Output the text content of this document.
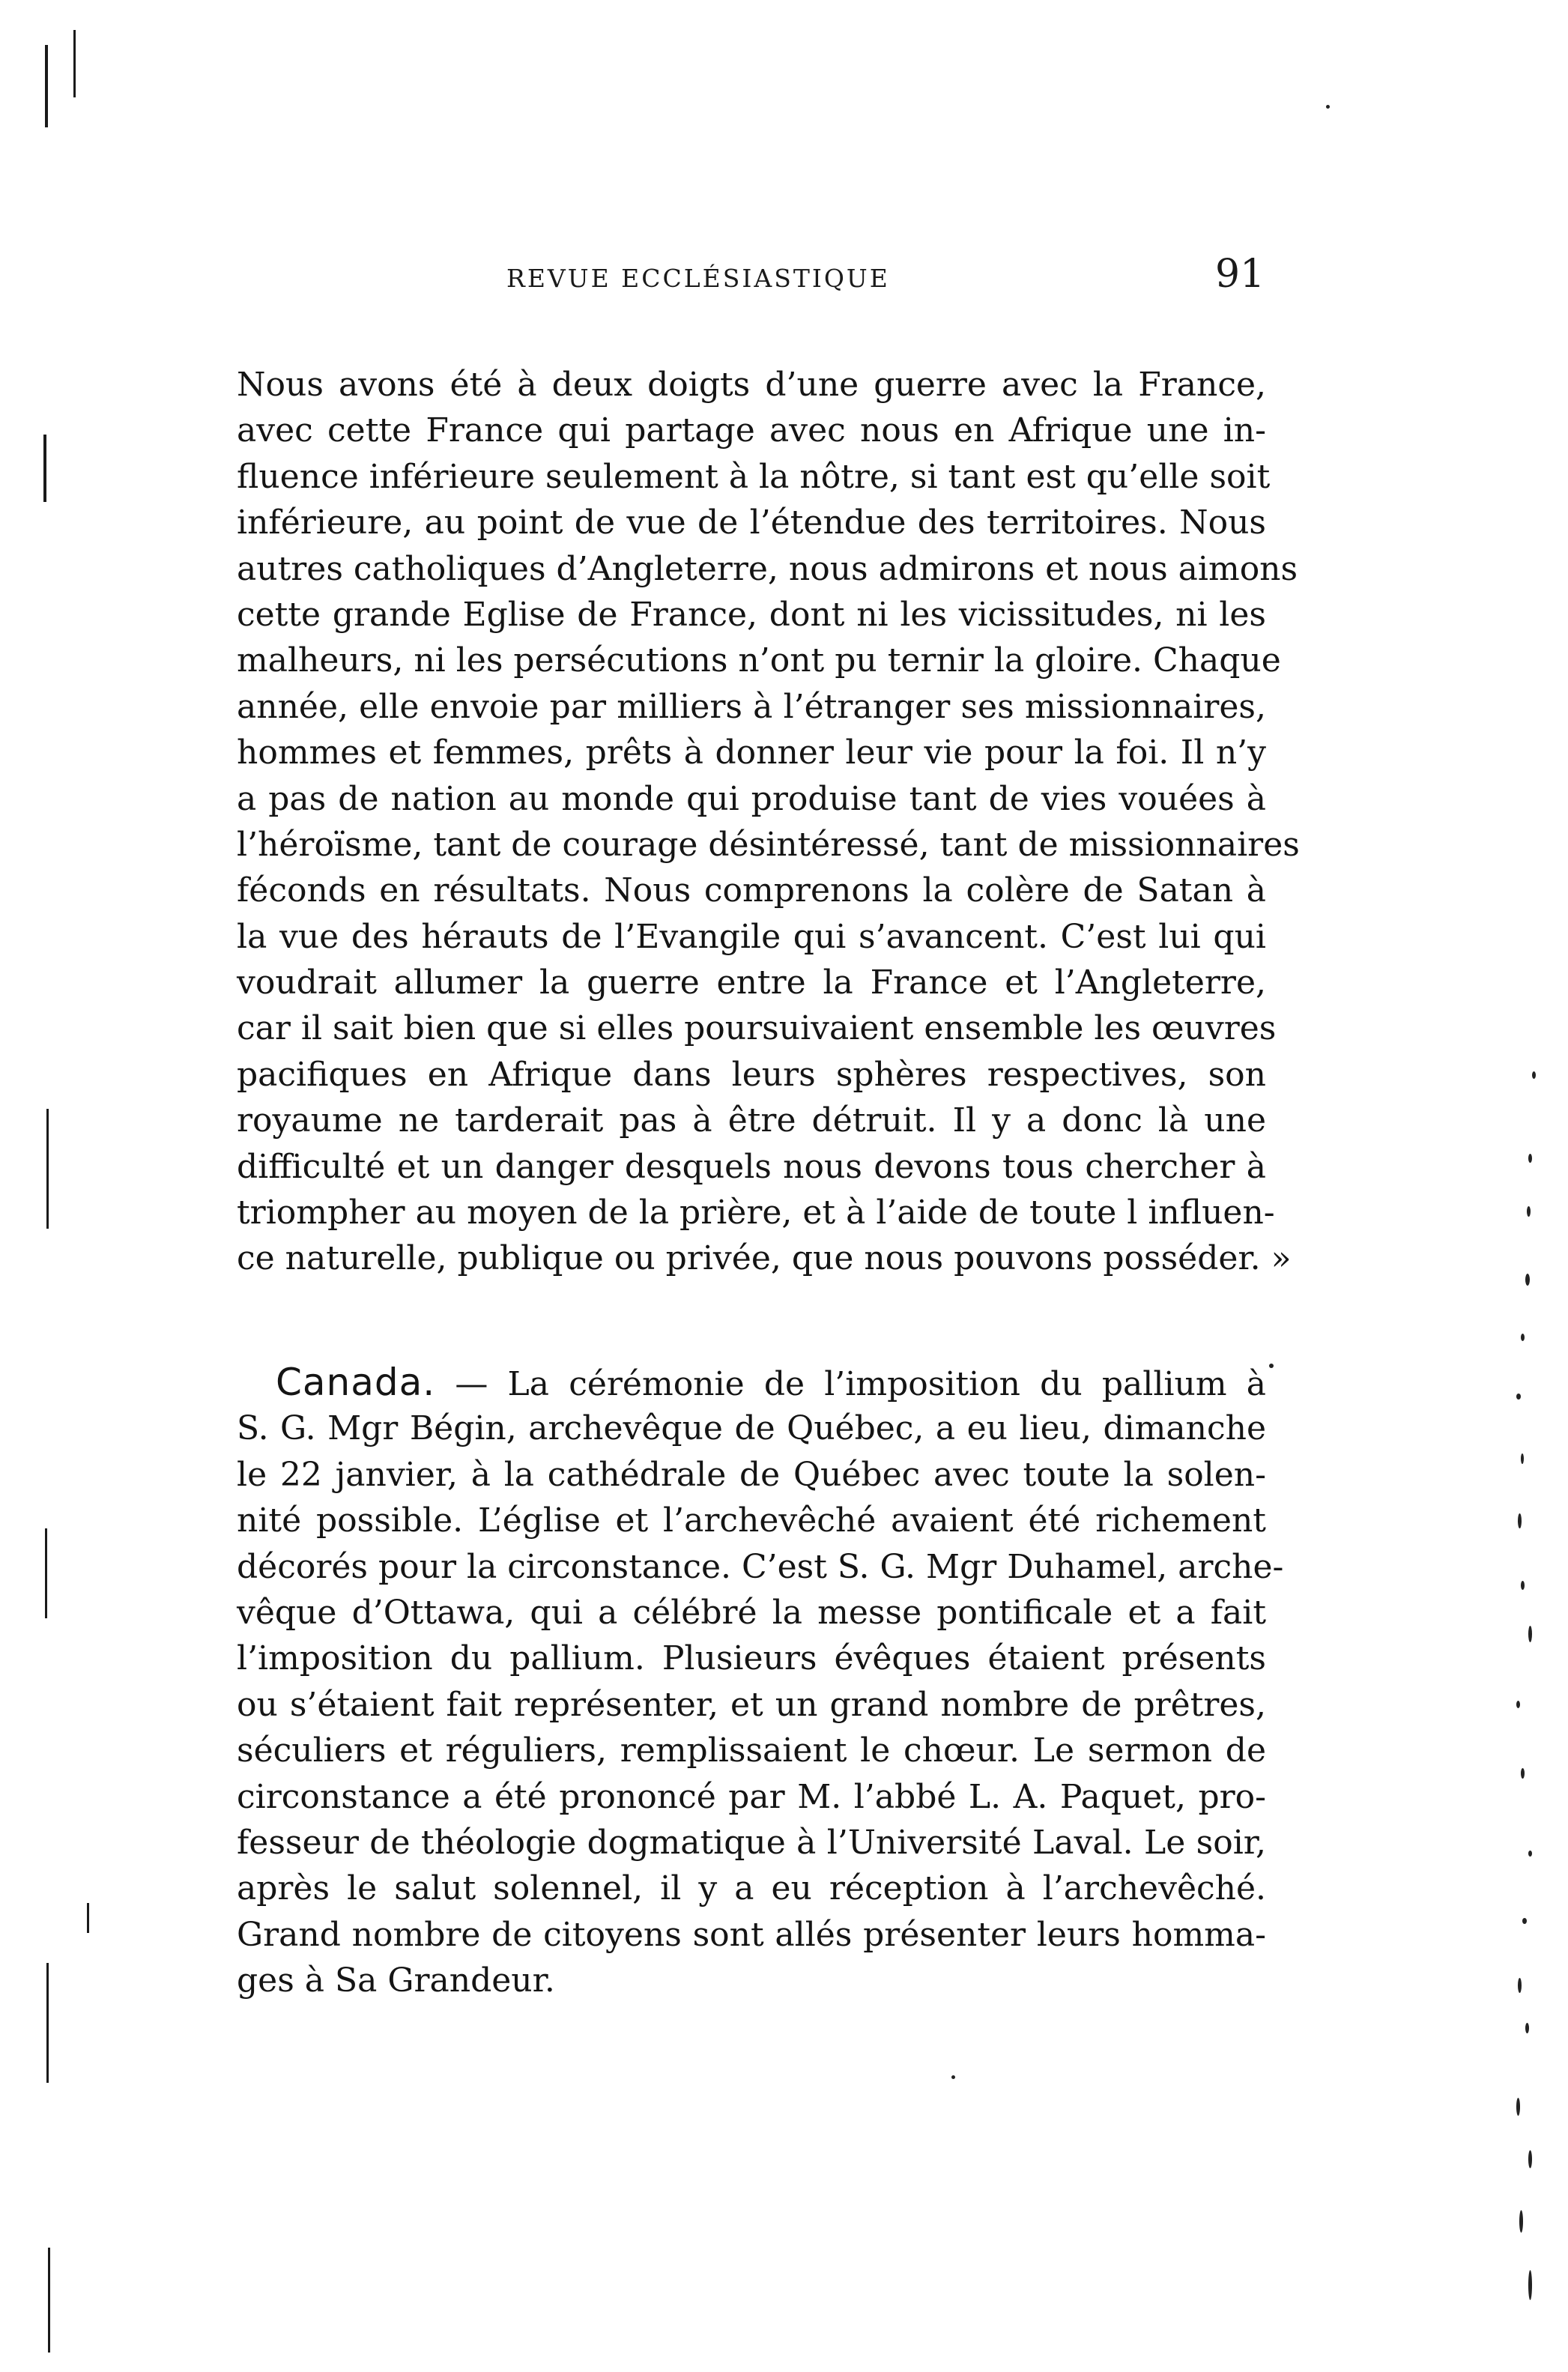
REVUE ECCLÉSIASTIQUE	91
Nous avons été à deux doigts d’une guerre avec la France,
avec cette France qui partage avec nous en Afrique une in-
fluence inférieure seulement à la nôtre, si tant est qu’elle soit
inférieure, au point de vue de l’étendue des territoires. Nous
autres catholiques d’Angleterre, nous admirons et nous aimons
cette grande Eglise de France, dont ni les vicissitudes, ni les
malheurs, ni les persécutions n’ont pu ternir la gloire. Chaque
année, elle envoie par milliers à l’étranger ses missionnaires,
hommes et femmes, prêts à donner leur vie pour la foi. Il n’y
a pas de nation au monde qui produise tant de vies vouées à
l’héroïsme, tant de courage désintéressé, tant de missionnaires
féconds en résultats. Nous comprenons la colère de Satan à
la vue des hérauts de l’Evangile qui s’avancent. C’est lui qui
voudrait allumer la guerre entre la France et l’Angleterre,
car il sait bien que si elles poursuivaient ensemble les œuvres
pacifiques en Afrique dans leurs sphères respectives, son
royaume ne tarderait pas à être détruit. Il y a donc là une
difficulté et un danger desquels nous devons tous chercher à
triompher au moyen de la prière, et à l’aide de toute l influen-
ce naturelle, publique ou privée, que nous pouvons posséder. »
Canada. — La cérémonie de l’imposition du pallium à
S. G. Mgr Bégin, archevêque de Québec, a eu lieu, dimanche
le 22 janvier, à la cathédrale de Québec avec toute la solen-
nité possible. L’église et l’archevêché avaient été richement
décorés pour la circonstance. C’est S. G. Mgr Duhamel, arche-
vêque d’Ottawa, qui a célébré la messe pontificale et a fait
l’imposition du pallium. Plusieurs évêques étaient présents
ou s’étaient fait représenter, et un grand nombre de prêtres,
séculiers et réguliers, remplissaient le chœur. Le sermon de
circonstance a été prononcé par M. l’abbé L. A. Paquet, pro-
fesseur de théologie dogmatique à l’Université Laval. Le soir,
après le salut solennel, il y a eu réception à l’archevêché.
Grand nombre de citoyens sont allés présenter leurs homma-
ges à Sa Grandeur.
